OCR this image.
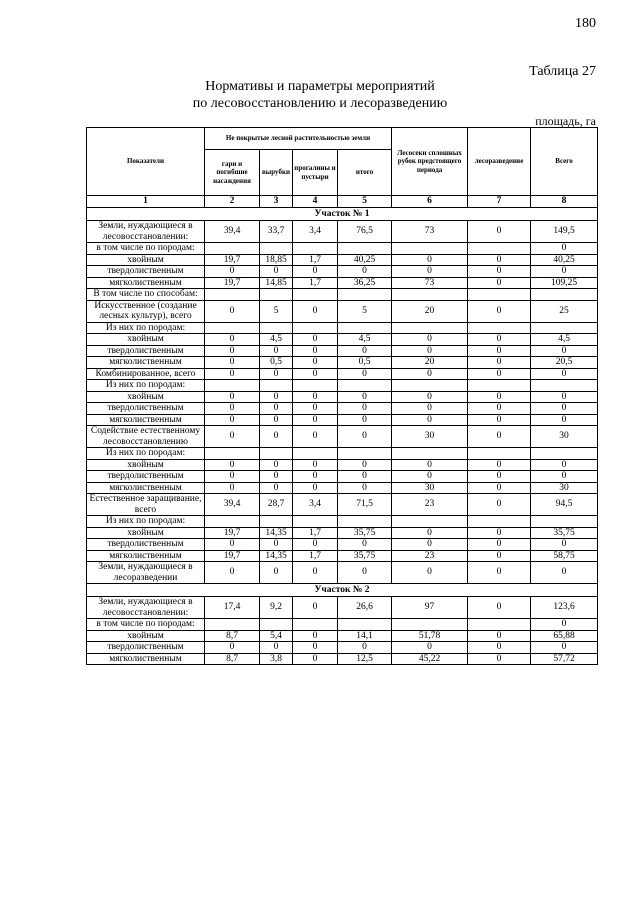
180
Таблица 27
Нормативы и параметры мероприятий
по лесовосстановлению и лесоразведению
площадь, га
Показатели	Не покрытые лесной растительностью земли				Лесосеки сплошных рубок предстоящего периода	лесоразведение	Всего
	гари и погибшие насаждения	вырубки	прогалины и пустыри	итого			
1	2	3	4	5	6	7	8
Участок № 1							
Земли, нуждающиеся в лесовосстановлении:	39,4	33,7	3,4	76,5	73	0	149,5
в том числе по породам:							0
хвойным	19,7	18,85	1,7	40,25	0	0	40,25
твердолиственным	0	0	0	0	0	0	0
мягколиственным	19,7	14,85	1,7	36,25	73	0	109,25
В том числе по способам:							
Искусственное (создание лесных культур), всего	0	5	0	5	20	0	25
Из них по породам:							
хвойным	0	4,5	0	4,5	0	0	4,5
твердолиственным	0	0	0	0	0	0	0
мягколиственным	0	0,5	0	0,5	20	0	20,5
Комбинированное, всего	0	0	0	0	0	0	0
Из них по породам:							
хвойным	0	0	0	0	0	0	0
твердолиственным	0	0	0	0	0	0	0
мягколиственным	0	0	0	0	0	0	0
Содействие естественному лесовосстановлению	0	0	0	0	30	0	30
Из них по породам:							
хвойным	0	0	0	0	0	0	0
твердолиственным	0	0	0	0	0	0	0
мягколиственным	0	0	0	0	30	0	30
Естественное заращивание, всего	39,4	28,7	3,4	71,5	23	0	94,5
Из них по породам:							
хвойным	19,7	14,35	1,7	35,75	0	0	35,75
твердолиственным	0	0	0	0	0	0	0
мягколиственным	19,7	14,35	1,7	35,75	23	0	58,75
Земли, нуждающиеся в лесоразведении	0	0	0	0	0	0	0
Участок № 2							
Земли, нуждающиеся в лесовосстановлении:	17,4	9,2	0	26,6	97	0	123,6
в том числе по породам:							0
хвойным	8,7	5,4	0	14,1	51,78	0	65,88
твердолиственным	0	0	0	0	0	0	0
мягколиственным	8,7	3,8	0	12,5	45,22	0	57,72
